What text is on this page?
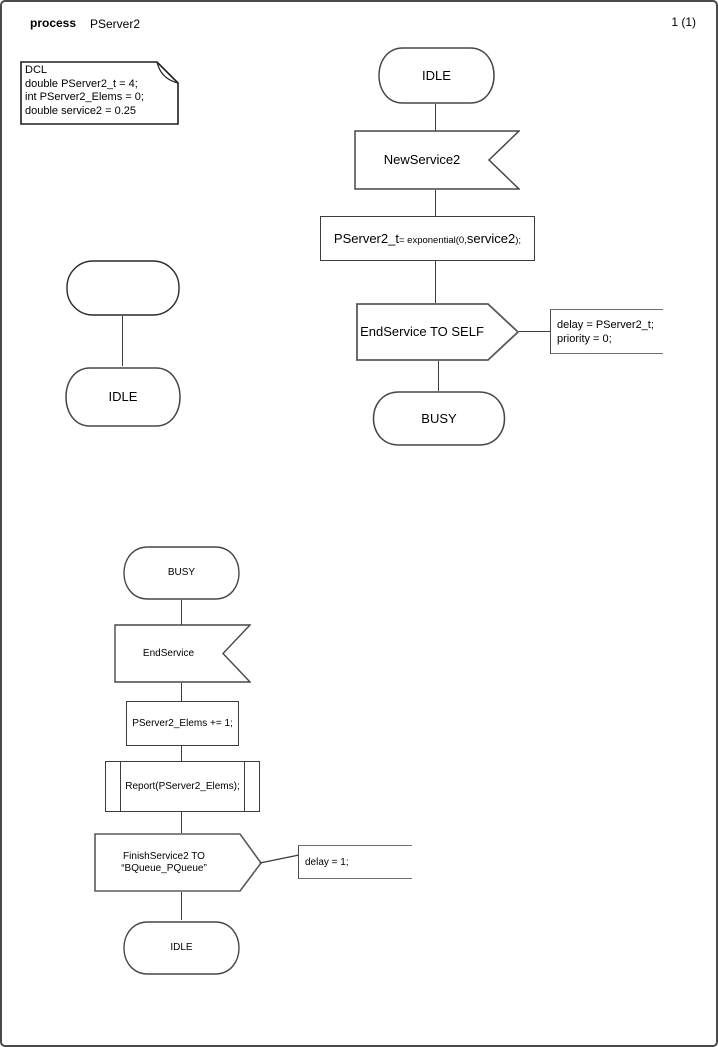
process PServer2	1 (1)
DCL
double PServer2_t = 4;
int PServer2_Elems = 0;
double service2 = 0.25
IDLE
NewService2
PServer2_t = exponential(0, service2 );
EndService TO SELF	delay = PServer2_t;
priority = 0;
BUSY
IDLE
BUSY
EndService
PServer2_Elems += 1;
Report(PServer2_Elems);
FinishService2 TO
“BQueue_PQueue”
delay = 1;
IDLE
